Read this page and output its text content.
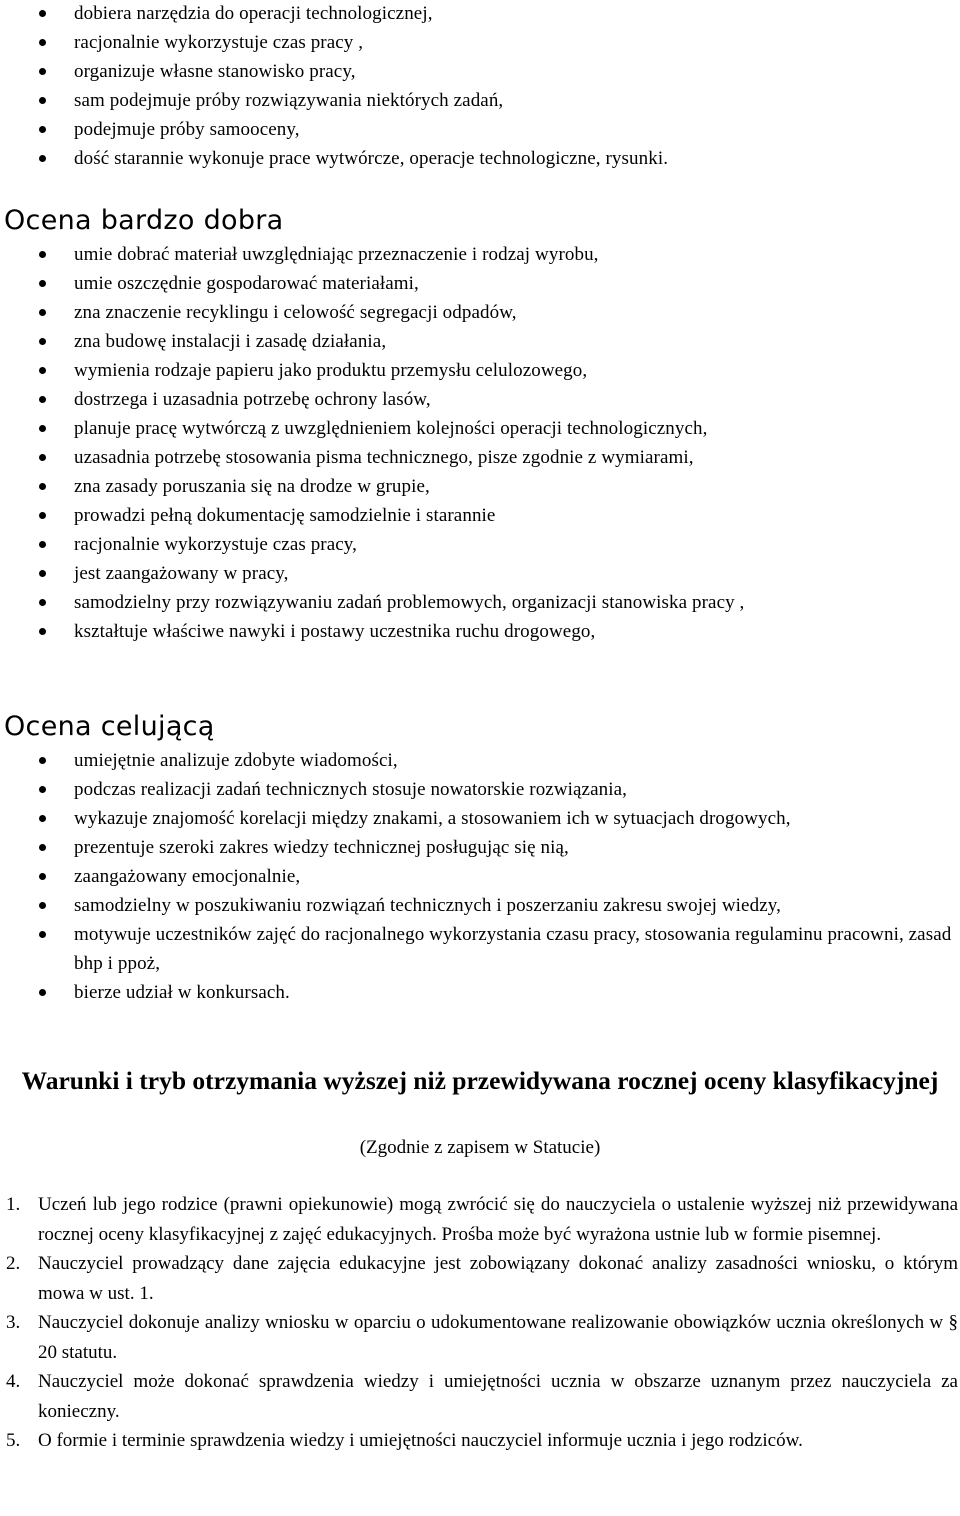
dobiera narzędzia do operacji technologicznej,
racjonalnie wykorzystuje czas pracy ,
organizuje własne stanowisko pracy,
sam podejmuje próby rozwiązywania niektórych zadań,
podejmuje próby samooceny,
dość starannie wykonuje prace wytwórcze, operacje technologiczne, rysunki.
Ocena bardzo dobra
umie dobrać materiał uwzględniając przeznaczenie i rodzaj wyrobu,
umie oszczędnie gospodarować materiałami,
zna znaczenie recyklingu i celowość segregacji odpadów,
zna budowę instalacji i zasadę działania,
wymienia rodzaje papieru jako produktu przemysłu celulozowego,
dostrzega i uzasadnia potrzebę ochrony lasów,
planuje pracę wytwórczą z uwzględnieniem kolejności operacji technologicznych,
uzasadnia potrzebę stosowania pisma technicznego, pisze zgodnie z wymiarami,
zna zasady poruszania się na drodze w grupie,
prowadzi pełną dokumentację samodzielnie i starannie
racjonalnie wykorzystuje czas pracy,
jest zaangażowany w pracy,
samodzielny przy rozwiązywaniu zadań problemowych, organizacji stanowiska pracy ,
kształtuje właściwe nawyki i postawy uczestnika ruchu drogowego,
Ocena celującą
umiejętnie analizuje zdobyte wiadomości,
podczas realizacji zadań technicznych stosuje nowatorskie rozwiązania,
wykazuje znajomość korelacji między znakami, a stosowaniem ich w sytuacjach drogowych,
prezentuje szeroki zakres wiedzy technicznej posługując się nią,
zaangażowany emocjonalnie,
samodzielny w poszukiwaniu rozwiązań technicznych i poszerzaniu zakresu swojej wiedzy,
motywuje uczestników zajęć do racjonalnego wykorzystania czasu pracy, stosowania regulaminu pracowni, zasad bhp i ppoż,
bierze udział w konkursach.
Warunki i tryb otrzymania wyższej niż przewidywana rocznej oceny klasyfikacyjnej
(Zgodnie z zapisem w Statucie)
1. Uczeń lub jego rodzice (prawni opiekunowie) mogą zwrócić się do nauczyciela o ustalenie wyższej niż przewidywana rocznej oceny klasyfikacyjnej z zajęć edukacyjnych. Prośba może być wyrażona ustnie lub w formie pisemnej.
2. Nauczyciel prowadzący dane zajęcia edukacyjne jest zobowiązany dokonać analizy zasadności wniosku, o którym mowa w ust. 1.
3. Nauczyciel dokonuje analizy wniosku w oparciu o udokumentowane realizowanie obowiązków ucznia określonych w § 20 statutu.
4. Nauczyciel może dokonać sprawdzenia wiedzy i umiejętności ucznia w obszarze uznanym przez nauczyciela za konieczny.
5. O formie i terminie sprawdzenia wiedzy i umiejętności nauczyciel informuje ucznia i jego rodziców.
